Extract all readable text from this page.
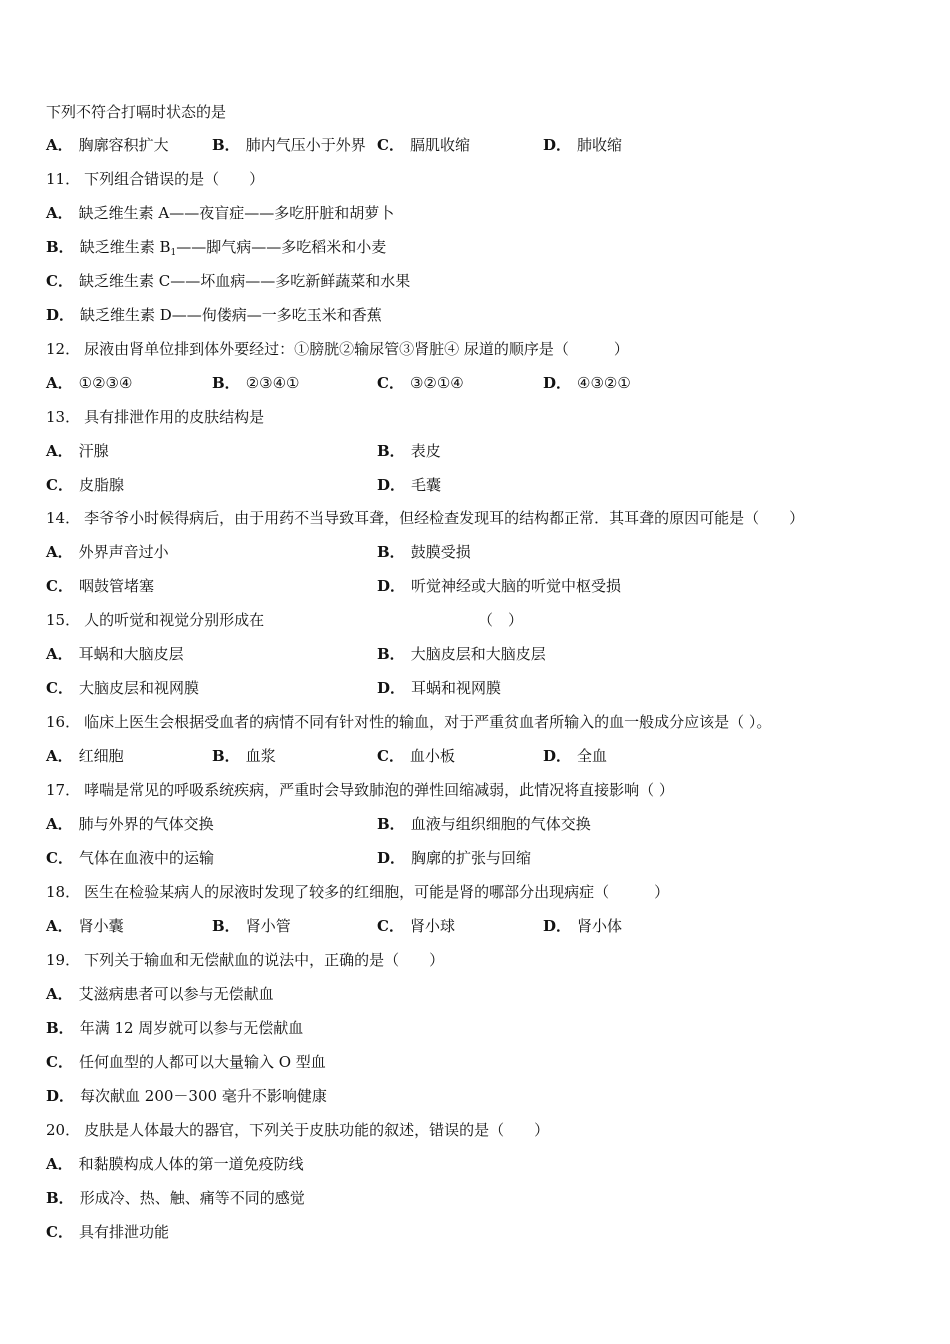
下列不符合打嗝时状态的是
A． 胸廓容积扩大	B． 肺内气压小于外界 C． 膈肌收缩	D． 肺收缩
11． 下列组合错误的是（　　）
A． 缺乏维生素 A——夜盲症——多吃肝脏和胡萝卜
B． 缺乏维生素 $B_1——$脚气病——多吃稻米和小麦
C． 缺乏维生素 C——坏血病——多吃新鲜蔬菜和水果
D． 缺乏维生素 D——佝偻病—一多吃玉米和香蕉
12． 尿液由肾单位排到体外要经过：①膀胱②输尿管③肾脏④ 尿道的顺序是（　　　）
A． ①②③④	B． ②③④①	C． ③②①④	D． ④③②①
13． 具有排泄作用的皮肤结构是
A． 汗腺	B． 表皮
C． 皮脂腺	D． 毛囊
14． 李爷爷小时候得病后，由于用药不当导致耳聋，但经检查发现耳的结构都正常．其耳聋的原因可能是（　　）
A． 外界声音过小	B． 鼓膜受损
C． 咽鼓管堵塞	D． 听觉神经或大脑的听觉中枢受损
15． 人的听觉和视觉分别形成在	（　）
A． 耳蜗和大脑皮层	B． 大脑皮层和大脑皮层
C． 大脑皮层和视网膜	D． 耳蜗和视网膜
16． 临床上医生会根据受血者的病情不同有针对性的输血，对于严重贫血者所输入的血一般成分应该是（ ）。
A． 红细胞	B． 血浆	C． 血小板	D． 全血
17． 哮喘是常见的呼吸系统疾病，严重时会导致肺泡的弹性回缩减弱，此情况将直接影响（ ）
A． 肺与外界的气体交换	B． 血液与组织细胞的气体交换
C． 气体在血液中的运输	D． 胸廓的扩张与回缩
18． 医生在检验某病人的尿液时发现了较多的红细胞，可能是肾的哪部分出现病症（　　　）
A． 肾小囊	B． 肾小管	C． 肾小球	D． 肾小体
19． 下列关于输血和无偿献血的说法中，正确的是（　　）
A． 艾滋病患者可以参与无偿献血
B． 年满 12 周岁就可以参与无偿献血
C． 任何血型的人都可以大量输入 O 型血
D． 每次献血 200－300 毫升不影响健康
20． 皮肤是人体最大的器官，下列关于皮肤功能的叙述，错误的是（　　）
A． 和黏膜构成人体的第一道免疫防线
B． 形成冷、热、触、痛等不同的感觉
C． 具有排泄功能
